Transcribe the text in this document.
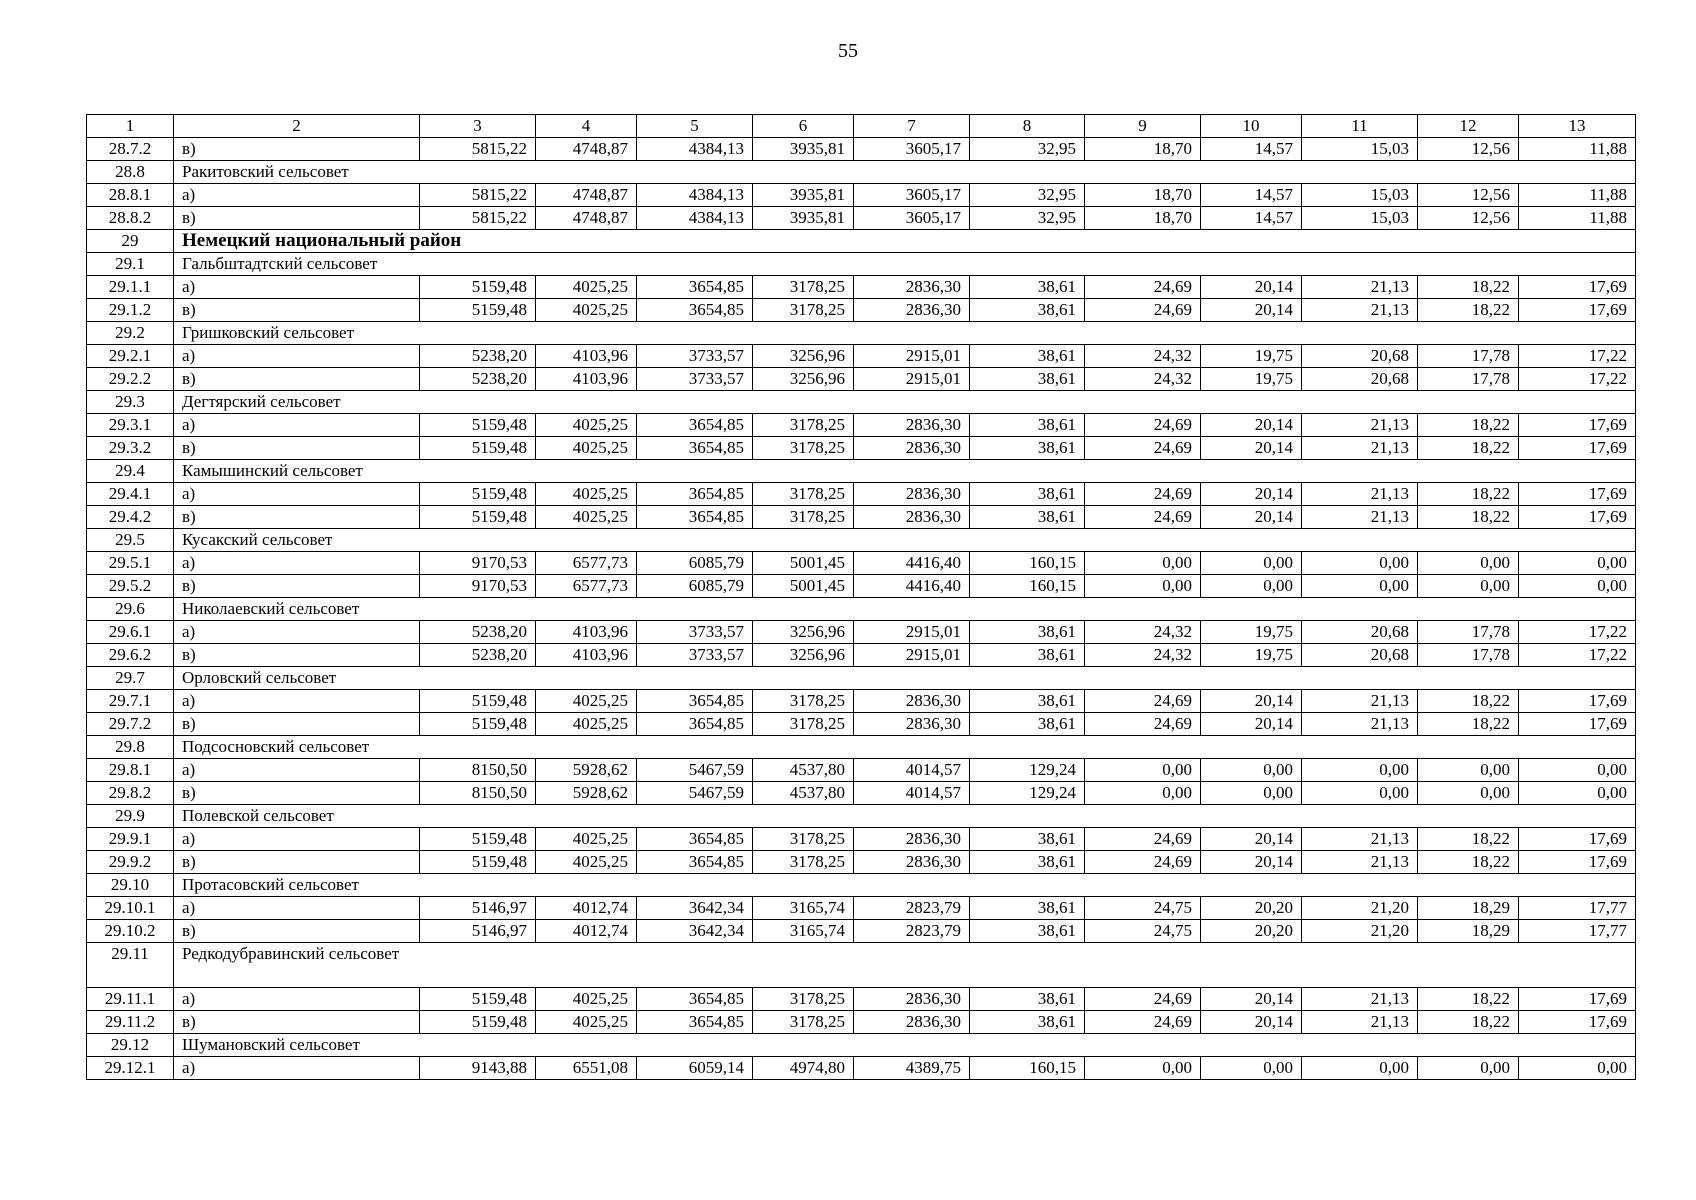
55
1	2	3	4	5	6	7	8	9	10	11	12	13
28.7.2	в)	5815,22	4748,87	4384,13	3935,81	3605,17	32,95	18,70	14,57	15,03	12,56	11,88
28.8	Ракитовский сельсовет											
28.8.1	а)	5815,22	4748,87	4384,13	3935,81	3605,17	32,95	18,70	14,57	15,03	12,56	11,88
28.8.2	в)	5815,22	4748,87	4384,13	3935,81	3605,17	32,95	18,70	14,57	15,03	12,56	11,88
29	Немецкий национальный район											
29.1	Гальбштадтский сельсовет											
29.1.1	а)	5159,48	4025,25	3654,85	3178,25	2836,30	38,61	24,69	20,14	21,13	18,22	17,69
29.1.2	в)	5159,48	4025,25	3654,85	3178,25	2836,30	38,61	24,69	20,14	21,13	18,22	17,69
29.2	Гришковский сельсовет											
29.2.1	а)	5238,20	4103,96	3733,57	3256,96	2915,01	38,61	24,32	19,75	20,68	17,78	17,22
29.2.2	в)	5238,20	4103,96	3733,57	3256,96	2915,01	38,61	24,32	19,75	20,68	17,78	17,22
29.3	Дегтярский сельсовет											
29.3.1	а)	5159,48	4025,25	3654,85	3178,25	2836,30	38,61	24,69	20,14	21,13	18,22	17,69
29.3.2	в)	5159,48	4025,25	3654,85	3178,25	2836,30	38,61	24,69	20,14	21,13	18,22	17,69
29.4	Камышинский сельсовет											
29.4.1	а)	5159,48	4025,25	3654,85	3178,25	2836,30	38,61	24,69	20,14	21,13	18,22	17,69
29.4.2	в)	5159,48	4025,25	3654,85	3178,25	2836,30	38,61	24,69	20,14	21,13	18,22	17,69
29.5	Кусакский сельсовет											
29.5.1	а)	9170,53	6577,73	6085,79	5001,45	4416,40	160,15	0,00	0,00	0,00	0,00	0,00
29.5.2	в)	9170,53	6577,73	6085,79	5001,45	4416,40	160,15	0,00	0,00	0,00	0,00	0,00
29.6	Николаевский сельсовет											
29.6.1	а)	5238,20	4103,96	3733,57	3256,96	2915,01	38,61	24,32	19,75	20,68	17,78	17,22
29.6.2	в)	5238,20	4103,96	3733,57	3256,96	2915,01	38,61	24,32	19,75	20,68	17,78	17,22
29.7	Орловский сельсовет											
29.7.1	а)	5159,48	4025,25	3654,85	3178,25	2836,30	38,61	24,69	20,14	21,13	18,22	17,69
29.7.2	в)	5159,48	4025,25	3654,85	3178,25	2836,30	38,61	24,69	20,14	21,13	18,22	17,69
29.8	Подсосновский сельсовет											
29.8.1	а)	8150,50	5928,62	5467,59	4537,80	4014,57	129,24	0,00	0,00	0,00	0,00	0,00
29.8.2	в)	8150,50	5928,62	5467,59	4537,80	4014,57	129,24	0,00	0,00	0,00	0,00	0,00
29.9	Полевской сельсовет											
29.9.1	а)	5159,48	4025,25	3654,85	3178,25	2836,30	38,61	24,69	20,14	21,13	18,22	17,69
29.9.2	в)	5159,48	4025,25	3654,85	3178,25	2836,30	38,61	24,69	20,14	21,13	18,22	17,69
29.10	Протасовский сельсовет											
29.10.1	а)	5146,97	4012,74	3642,34	3165,74	2823,79	38,61	24,75	20,20	21,20	18,29	17,77
29.10.2	в)	5146,97	4012,74	3642,34	3165,74	2823,79	38,61	24,75	20,20	21,20	18,29	17,77
29.11	Редкодубравинский сельсовет											
29.11.1	а)	5159,48	4025,25	3654,85	3178,25	2836,30	38,61	24,69	20,14	21,13	18,22	17,69
29.11.2	в)	5159,48	4025,25	3654,85	3178,25	2836,30	38,61	24,69	20,14	21,13	18,22	17,69
29.12	Шумановский сельсовет											
29.12.1	а)	9143,88	6551,08	6059,14	4974,80	4389,75	160,15	0,00	0,00	0,00	0,00	0,00
